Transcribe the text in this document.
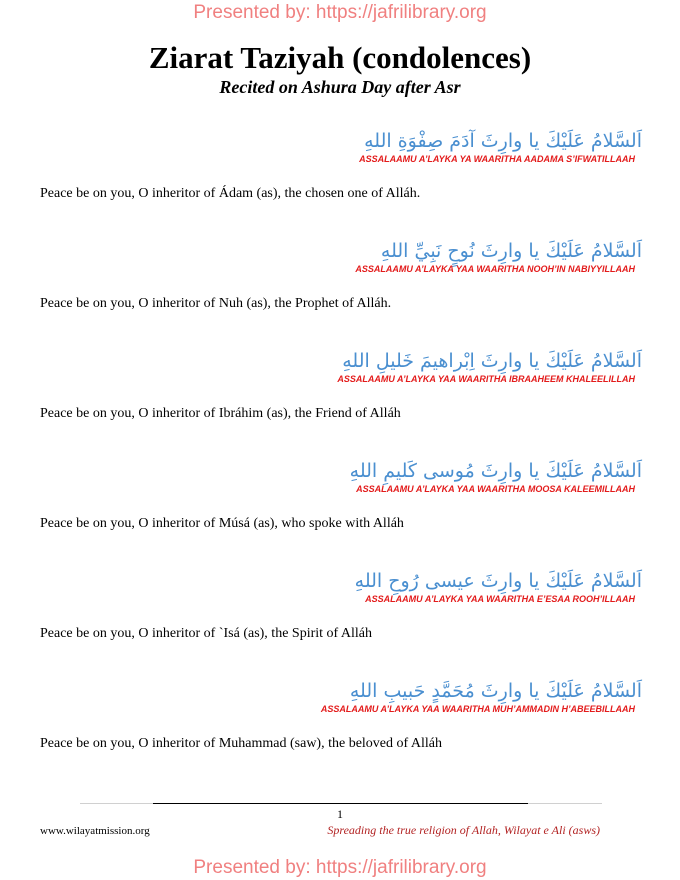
Presented by: https://jafrilibrary.org
Ziarat Taziyah (condolences)
Recited on Ashura Day after Asr
اَلسَّلامُ عَلَيْكَ يا وارِثَ آدَمَ صِفْوَةِ اللهِ
ASSALAAMU A’LAYKA YA WAARITHA AADAMA S’IFWATILLAAH
Peace be on you, O inheritor of Ádam (as), the chosen one of Alláh.
اَلسَّلامُ عَلَيْكَ يا وارِثَ نُوحٍ نَبِيِّ اللهِ
ASSALAAMU A’LAYKA YAA WAARITHA NOOH’IN NABIYYILLAAH
Peace be on you, O inheritor of Nuh (as), the Prophet of Alláh.
اَلسَّلامُ عَلَيْكَ يا وارِثَ اِبْراهيمَ خَليلِ اللهِ
ASSALAAMU A’LAYKA YAA WAARITHA IBRAAHEEM KHALEELILLAH
Peace be on you, O inheritor of Ibráhim (as), the Friend of Alláh
اَلسَّلامُ عَلَيْكَ يا وارِثَ مُوسى كَليمِ اللهِ
ASSALAAMU A’LAYKA YAA WAARITHA MOOSA KALEEMILLAAH
Peace be on you, O inheritor of Músá (as), who spoke with Alláh
اَلسَّلامُ عَلَيْكَ يا وارِثَ عيسى رُوحِ اللهِ
ASSALAAMU A’LAYKA YAA WAARITHA E’ESAA ROOH’ILLAAH
Peace be on you, O inheritor of `Isá (as), the Spirit of Alláh
اَلسَّلامُ عَلَيْكَ يا وارِثَ مُحَمَّدٍ حَبيبِ اللهِ
ASSALAAMU A’LAYKA YAA WAARITHA MUH’AMMADIN H’ABEEBILLAAH
Peace be on you, O inheritor of Muhammad (saw), the beloved of Alláh
1
www.wilayatmission.org	Spreading the true religion of Allah, Wilayat e Ali (asws)
Presented by: https://jafrilibrary.org
